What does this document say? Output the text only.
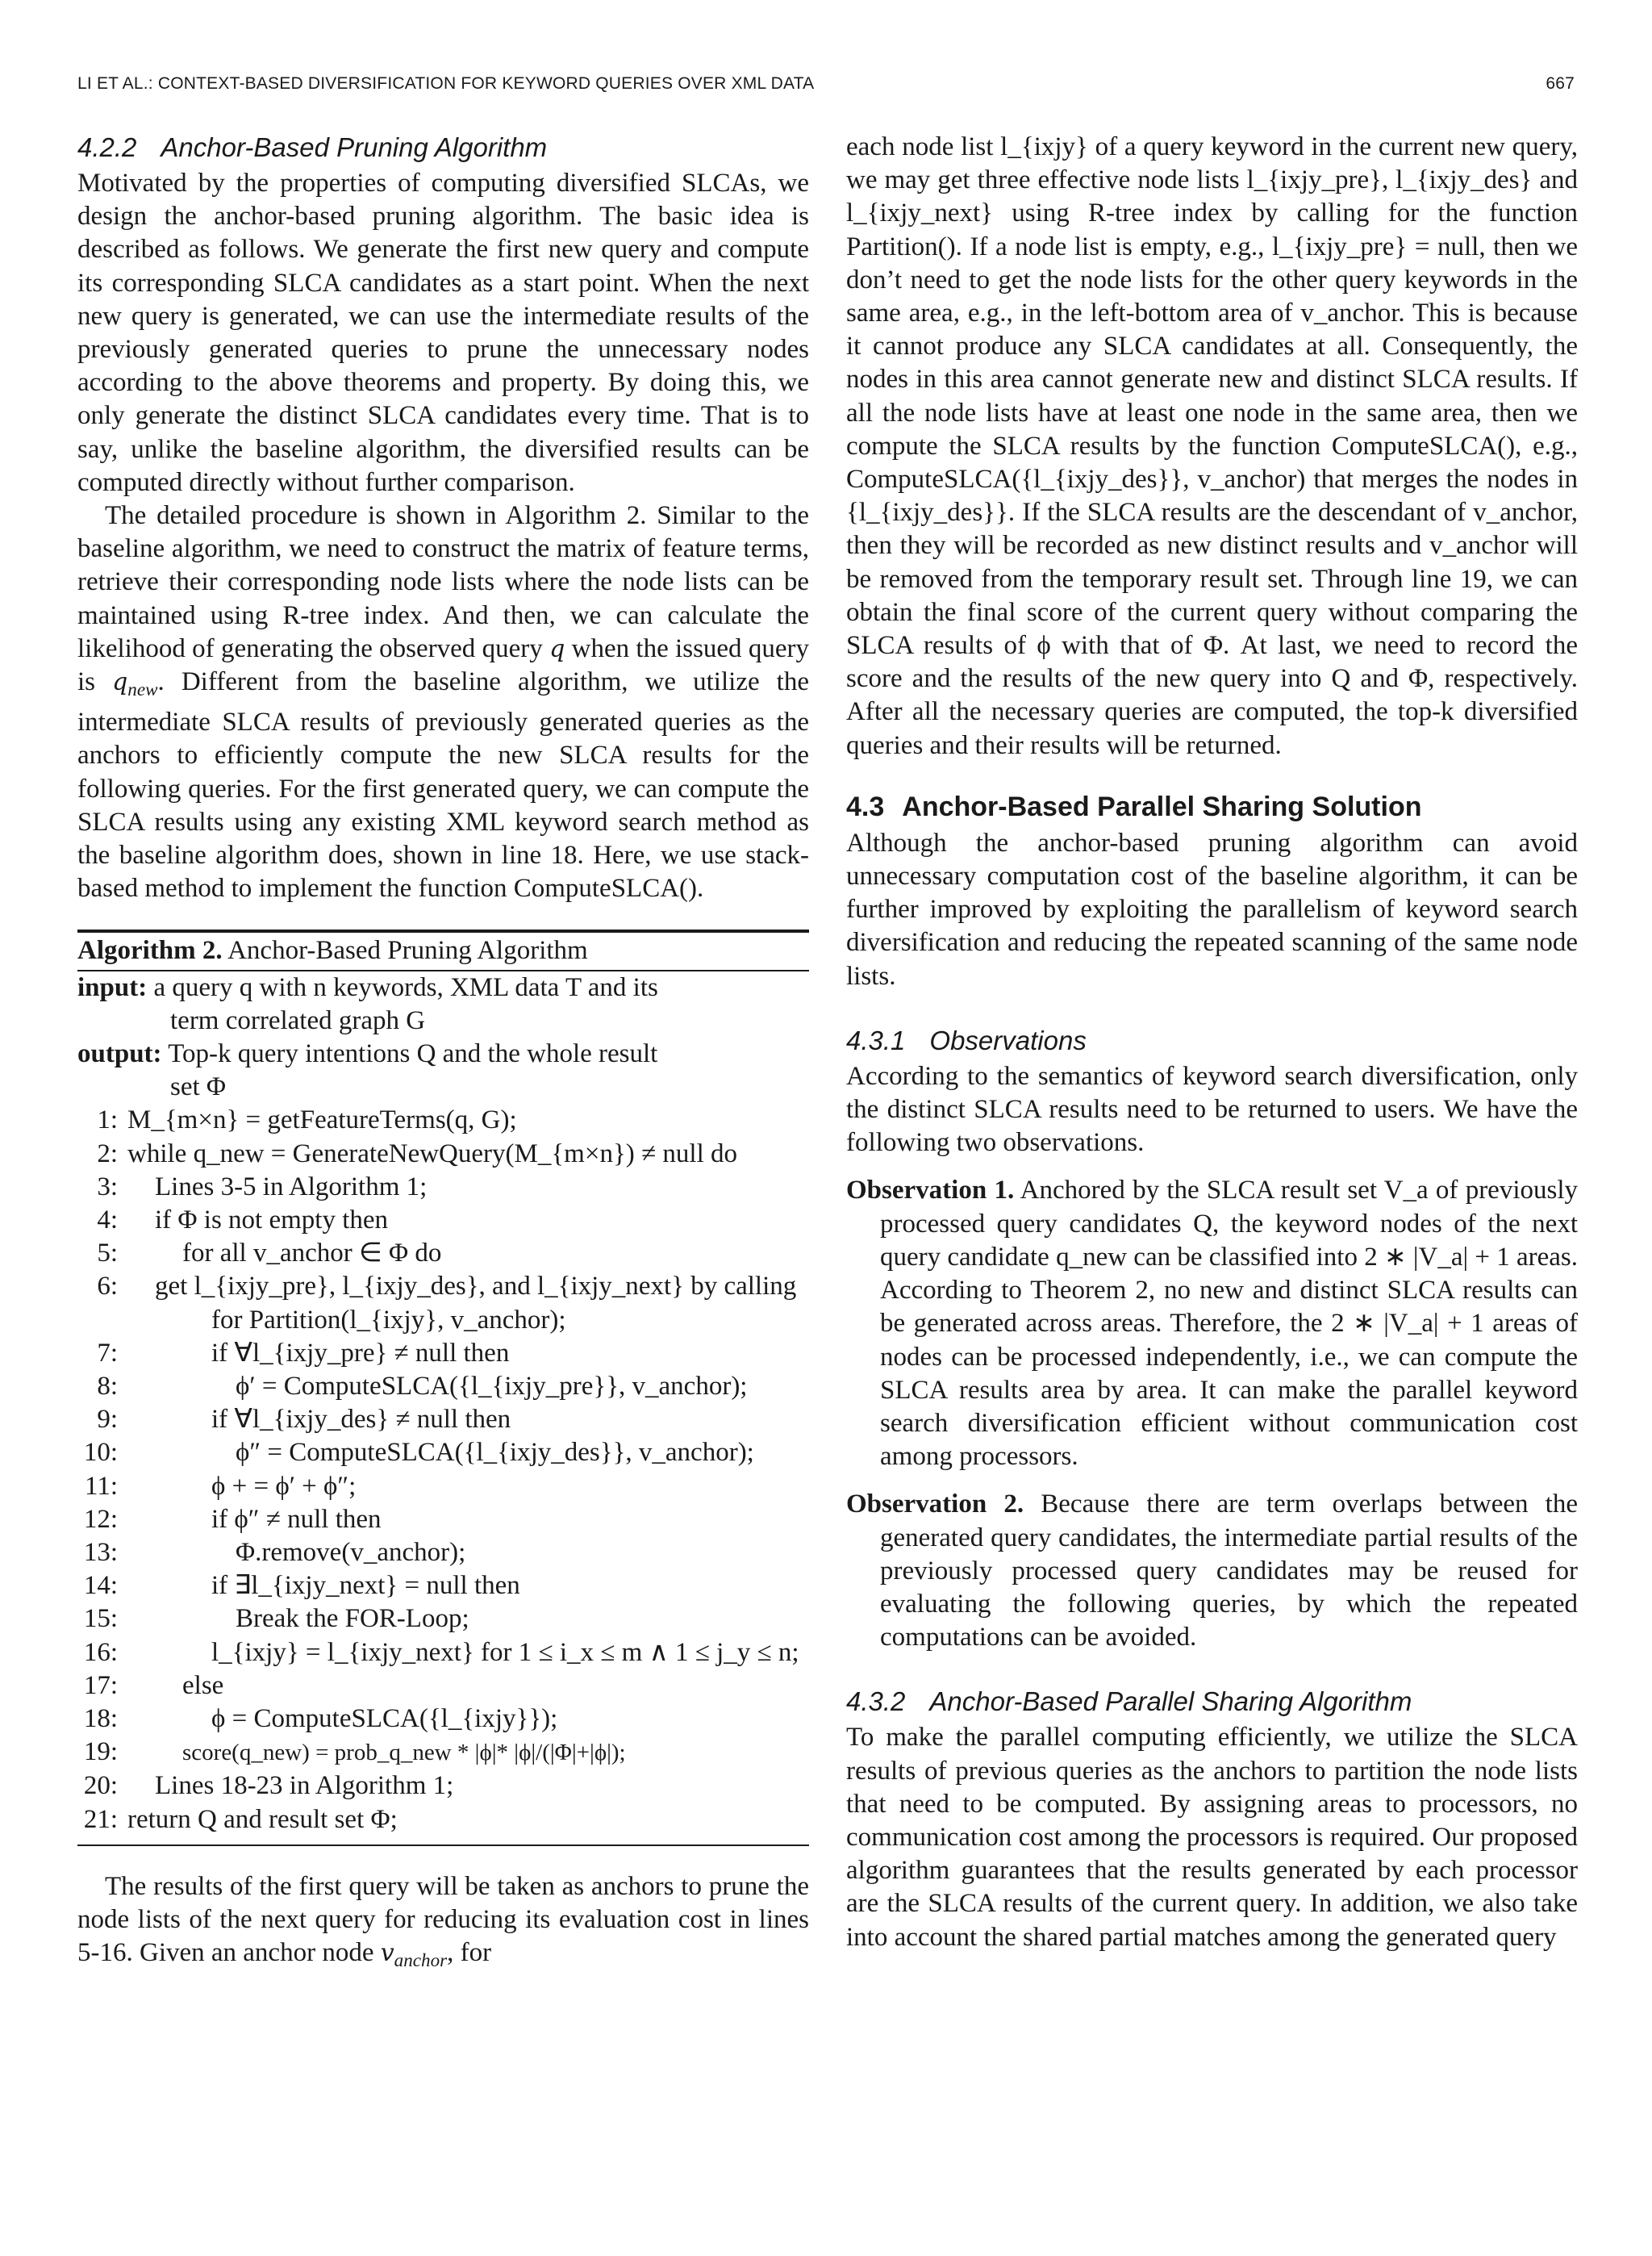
LI ET AL.: CONTEXT-BASED DIVERSIFICATION FOR KEYWORD QUERIES OVER XML DATA	667
4.2.2 Anchor-Based Pruning Algorithm

Motivated by the properties of computing diversified SLCAs, we design the anchor-based pruning algorithm. The basic idea is described as follows. We generate the first new query and compute its corresponding SLCA candidates as a start point. When the next new query is generated, we can use the intermediate results of the previously generated queries to prune the unnecessary nodes according to the above theorems and property. By doing this, we only generate the distinct SLCA candidates every time. That is to say, unlike the baseline algorithm, the diversified results can be computed directly without further comparison.

The detailed procedure is shown in Algorithm 2. Similar to the baseline algorithm, we need to construct the matrix of feature terms, retrieve their corresponding node lists where the node lists can be maintained using R-tree index. And then, we can calculate the likelihood of generating the observed query q when the issued query is $q_{new}$. Different from the baseline algorithm, we utilize the intermediate SLCA results of previously generated queries as the anchors to efficiently compute the new SLCA results for the following queries. For the first generated query, we can compute the SLCA results using any existing XML keyword search method as the baseline algorithm does, shown in line 18. Here, we use stack-based method to implement the function ComputeSLCA().

Algorithm 2. Anchor-Based Pruning Algorithm
input: a query q with n keywords, XML data T and its
term correlated graph G
output: Top-k query intentions Q and the whole result
set Φ
1: M_{m×n} = getFeatureTerms(q, G);
2: while q_new = GenerateNewQuery(M_{m×n}) ≠ null do
3: Lines 3-5 in Algorithm 1;
4: if Φ is not empty then
5: for all v_anchor ∈ Φ do
6:	get l_{ixjy_pre}, l_{ixjy_des}, and l_{ixjy_next} by calling for Partition(l_{ixjy}, v_anchor);
7:	if ∀l_{ixjy_pre} ≠ null then
8:	ϕ′ = ComputeSLCA({l_{ixjy_pre}}, v_anchor);
9:	if ∀l_{ixjy_des} ≠ null then
10:	ϕ″ = ComputeSLCA({l_{ixjy_des}}, v_anchor);
11:	ϕ + = ϕ′ + ϕ″;
12:	if ϕ″ ≠ null then
13:	Φ.remove(v_anchor);
14:	if ∃l_{ixjy_next} = null then
15:	Break the FOR-Loop;
16:	l_{ixjy} = l_{ixjy_next} for 1 ≤ i_x ≤ m ∧ 1 ≤ j_y ≤ n;
17: else
18:	ϕ = ComputeSLCA({l_{ixjy}});
19:	score(q_new) = prob_q_new * |ϕ|* |ϕ|/(|Φ|+|ϕ|);
20: Lines 18-23 in Algorithm 1;
21: return Q and result set Φ;

The results of the first query will be taken as anchors to prune the node lists of the next query for reducing its evaluation cost in lines 5-16. Given an anchor node $v_{anchor}$, for

each node list l_{ixjy} of a query keyword in the current new query, we may get three effective node lists l_{ixjy_pre}, l_{ixjy_des} and l_{ixjy_next} using R-tree index by calling for the function Partition(). If a node list is empty, e.g., l_{ixjy_pre} = null, then we don’t need to get the node lists for the other query keywords in the same area, e.g., in the left-bottom area of v_anchor. This is because it cannot produce any SLCA candidates at all. Consequently, the nodes in this area cannot generate new and distinct SLCA results. If all the node lists have at least one node in the same area, then we compute the SLCA results by the function ComputeSLCA(), e.g., ComputeSLCA({l_{ixjy_des}}, v_anchor) that merges the nodes in {l_{ixjy_des}}. If the SLCA results are the descendant of v_anchor, then they will be recorded as new distinct results and v_anchor will be removed from the temporary result set. Through line 19, we can obtain the final score of the current query without comparing the SLCA results of ϕ with that of Φ. At last, we need to record the score and the results of the new query into Q and Φ, respectively. After all the necessary queries are computed, the top-k diversified queries and their results will be returned.

4.3 Anchor-Based Parallel Sharing Solution

Although the anchor-based pruning algorithm can avoid unnecessary computation cost of the baseline algorithm, it can be further improved by exploiting the parallelism of keyword search diversification and reducing the repeated scanning of the same node lists.

4.3.1 Observations

According to the semantics of keyword search diversification, only the distinct SLCA results need to be returned to users. We have the following two observations.

Observation 1. Anchored by the SLCA result set V_a of previously processed query candidates Q, the keyword nodes of the next query candidate q_new can be classified into 2 ∗ |V_a| + 1 areas. According to Theorem 2, no new and distinct SLCA results can be generated across areas. Therefore, the 2 ∗ |V_a| + 1 areas of nodes can be processed independently, i.e., we can compute the SLCA results area by area. It can make the parallel keyword search diversification efficient without communication cost among processors.
Observation 2. Because there are term overlaps between the generated query candidates, the intermediate partial results of the previously processed query candidates may be reused for evaluating the following queries, by which the repeated computations can be avoided.
4.3.2 Anchor-Based Parallel Sharing Algorithm

To make the parallel computing efficiently, we utilize the SLCA results of previous queries as the anchors to partition the node lists that need to be computed. By assigning areas to processors, no communication cost among the processors is required. Our proposed algorithm guarantees that the results generated by each processor are the SLCA results of the current query. In addition, we also take into account the shared partial matches among the generated query
